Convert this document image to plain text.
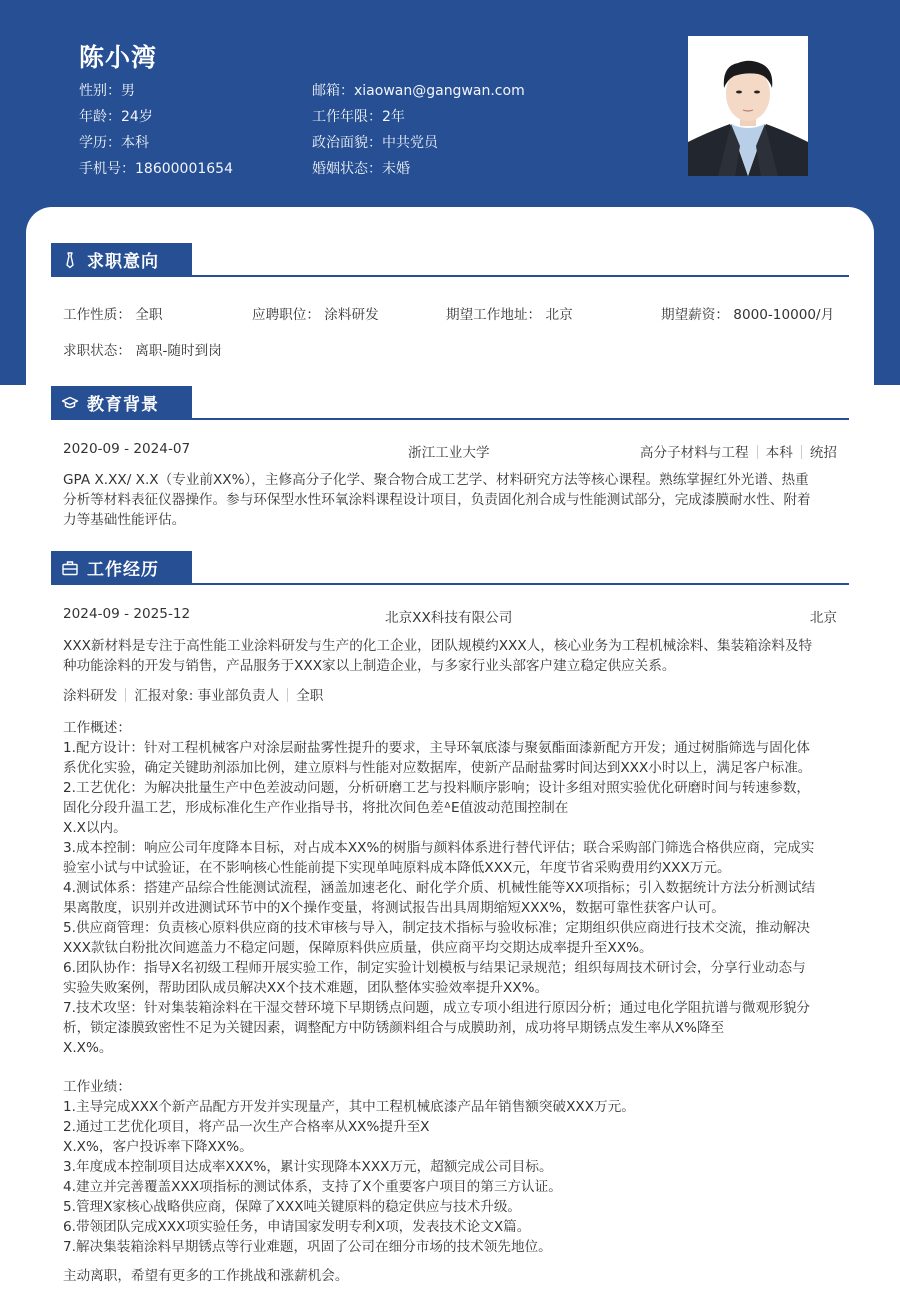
陈小湾
性别：男
年龄：24岁
学历：本科
手机号：18600001654
邮箱：xiaowan@gangwan.com
工作年限：2年
政治面貌：中共党员
婚姻状态：未婚
求职意向
工作性质： 全职	应聘职位： 涂料研发	期望工作地址： 北京	期望薪资： 8000-10000/月
求职状态： 离职-随时到岗
教育背景
2020-09 - 2024-07	浙江工业大学	高分子材料与工程 本科 统招
GPA X.XX/ X.X（专业前XX%），主修高分子化学、聚合物合成工艺学、材料研究方法等核心课程。熟练掌握红外光谱、热重
分析等材料表征仪器操作。参与环保型水性环氧涂料课程设计项目，负责固化剂合成与性能测试部分，完成漆膜耐水性、附着
力等基础性能评估。
工作经历
2024-09 - 2025-12	北京XX科技有限公司	北京
XXX新材料是专注于高性能工业涂料研发与生产的化工企业，团队规模约XXX人，核心业务为工程机械涂料、集装箱涂料及特
种功能涂料的开发与销售，产品服务于XXX家以上制造企业，与多家行业头部客户建立稳定供应关系。
涂料研发 汇报对象: 事业部负责人 全职
工作概述：
1.配方设计：针对工程机械客户对涂层耐盐雾性提升的要求，主导环氧底漆与聚氨酯面漆新配方开发；通过树脂筛选与固化体
系优化实验，确定关键助剂添加比例，建立原料与性能对应数据库，使新产品耐盐雾时间达到XXX小时以上，满足客户标准。
2.工艺优化：为解决批量生产中色差波动问题，分析研磨工艺与投料顺序影响；设计多组对照实验优化研磨时间与转速参数，
固化分段升温工艺，形成标准化生产作业指导书，将批次间色差ᐞE值波动范围控制在
X.X以内。
3.成本控制：响应公司年度降本目标，对占成本XX%的树脂与颜料体系进行替代评估；联合采购部门筛选合格供应商，完成实
验室小试与中试验证，在不影响核心性能前提下实现单吨原料成本降低XXX元，年度节省采购费用约XXX万元。
4.测试体系：搭建产品综合性能测试流程，涵盖加速老化、耐化学介质、机械性能等XX项指标；引入数据统计方法分析测试结
果离散度，识别并改进测试环节中的X个操作变量，将测试报告出具周期缩短XXX%，数据可靠性获客户认可。
5.供应商管理：负责核心原料供应商的技术审核与导入，制定技术指标与验收标准；定期组织供应商进行技术交流，推动解决
XXX款钛白粉批次间遮盖力不稳定问题，保障原料供应质量，供应商平均交期达成率提升至XX%。
6.团队协作：指导X名初级工程师开展实验工作，制定实验计划模板与结果记录规范；组织每周技术研讨会，分享行业动态与
实验失败案例，帮助团队成员解决XX个技术难题，团队整体实验效率提升XX%。
7.技术攻坚：针对集装箱涂料在干湿交替环境下早期锈点问题，成立专项小组进行原因分析；通过电化学阻抗谱与微观形貌分
析，锁定漆膜致密性不足为关键因素，调整配方中防锈颜料组合与成膜助剂，成功将早期锈点发生率从X%降至
X.X%。
工作业绩：
1.主导完成XXX个新产品配方开发并实现量产，其中工程机械底漆产品年销售额突破XXX万元。
2.通过工艺优化项目，将产品一次生产合格率从XX%提升至X
X.X%，客户投诉率下降XX%。
3.年度成本控制项目达成率XXX%，累计实现降本XXX万元，超额完成公司目标。
4.建立并完善覆盖XXX项指标的测试体系，支持了X个重要客户项目的第三方认证。
5.管理X家核心战略供应商，保障了XXX吨关键原料的稳定供应与技术升级。
6.带领团队完成XXX项实验任务，申请国家发明专利X项，发表技术论文X篇。
7.解决集装箱涂料早期锈点等行业难题，巩固了公司在细分市场的技术领先地位。
主动离职，希望有更多的工作挑战和涨薪机会。
